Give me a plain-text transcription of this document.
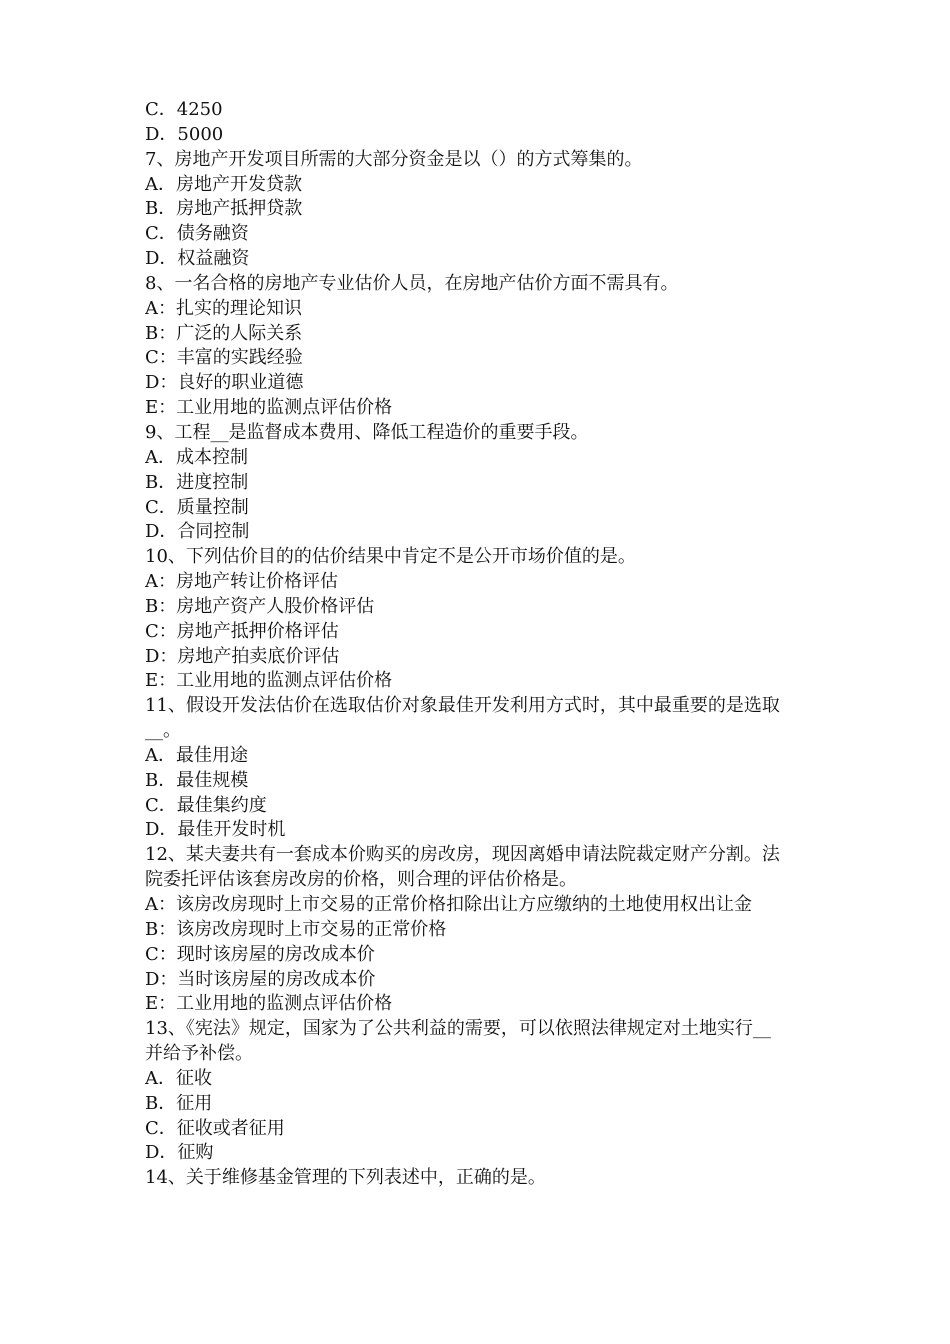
C．4250
D．5000
7、房地产开发项目所需的大部分资金是以（）的方式筹集的。
A．房地产开发贷款
B．房地产抵押贷款
C．债务融资
D．权益融资
8、一名合格的房地产专业估价人员，在房地产估价方面不需具有。
A：扎实的理论知识
B：广泛的人际关系
C：丰富的实践经验
D：良好的职业道德
E：工业用地的监测点评估价格
9、工程__是监督成本费用、降低工程造价的重要手段。
A．成本控制
B．进度控制
C．质量控制
D．合同控制
10、下列估价目的的估价结果中肯定不是公开市场价值的是。
A：房地产转让价格评估
B：房地产资产人股价格评估
C：房地产抵押价格评估
D：房地产拍卖底价评估
E：工业用地的监测点评估价格
11、假设开发法估价在选取估价对象最佳开发利用方式时，其中最重要的是选取
__。
A．最佳用途
B．最佳规模
C．最佳集约度
D．最佳开发时机
12、某夫妻共有一套成本价购买的房改房，现因离婚申请法院裁定财产分割。法
院委托评估该套房改房的价格，则合理的评估价格是。
A：该房改房现时上市交易的正常价格扣除出让方应缴纳的土地使用权出让金
B：该房改房现时上市交易的正常价格
C：现时该房屋的房改成本价
D：当时该房屋的房改成本价
E：工业用地的监测点评估价格
13、《宪法》规定，国家为了公共利益的需要，可以依照法律规定对土地实行__
并给予补偿。
A．征收
B．征用
C．征收或者征用
D．征购
14、关于维修基金管理的下列表述中，正确的是。
